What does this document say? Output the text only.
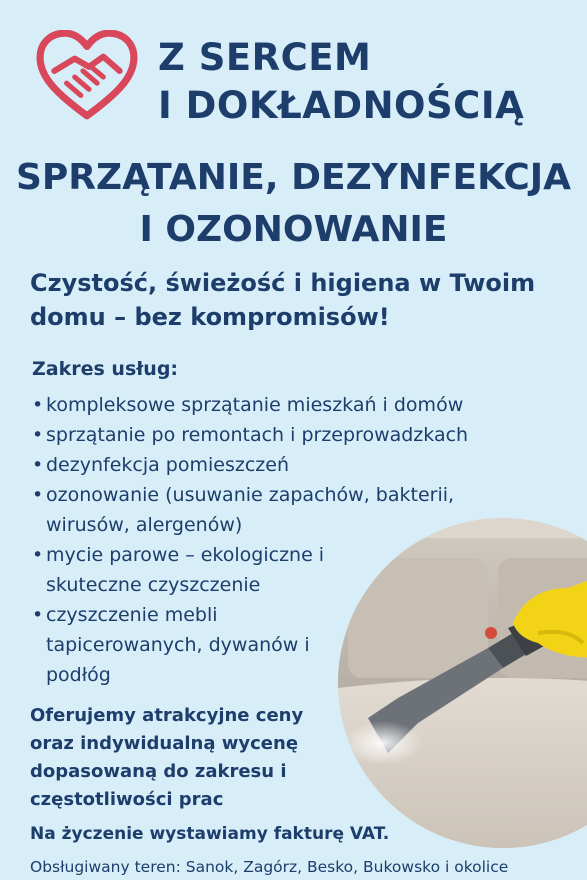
Z SERCEM
I DOKŁADNOŚCIĄ
SPRZĄTANIE, DEZYNFEKCJA
I OZONOWANIE
Czystość, świeżość i higiena w Twoim domu – bez kompromisów!
Zakres usług:
• kompleksowe sprzątanie mieszkań i domów
• sprzątanie po remontach i przeprowadzkach
• dezynfekcja pomieszczeń
• ozonowanie (usuwanie zapachów, bakterii, wirusów, alergenów)
• mycie parowe – ekologiczne i skuteczne czyszczenie
• czyszczenie mebli tapicerowanych, dywanów i podłóg
Oferujemy atrakcyjne ceny oraz indywidualną wycenę dopasowaną do zakresu i częstotliwości prac
Na życzenie wystawiamy fakturę VAT.
Obsługiwany teren: Sanok, Zagórz, Besko, Bukowsko i okolice
